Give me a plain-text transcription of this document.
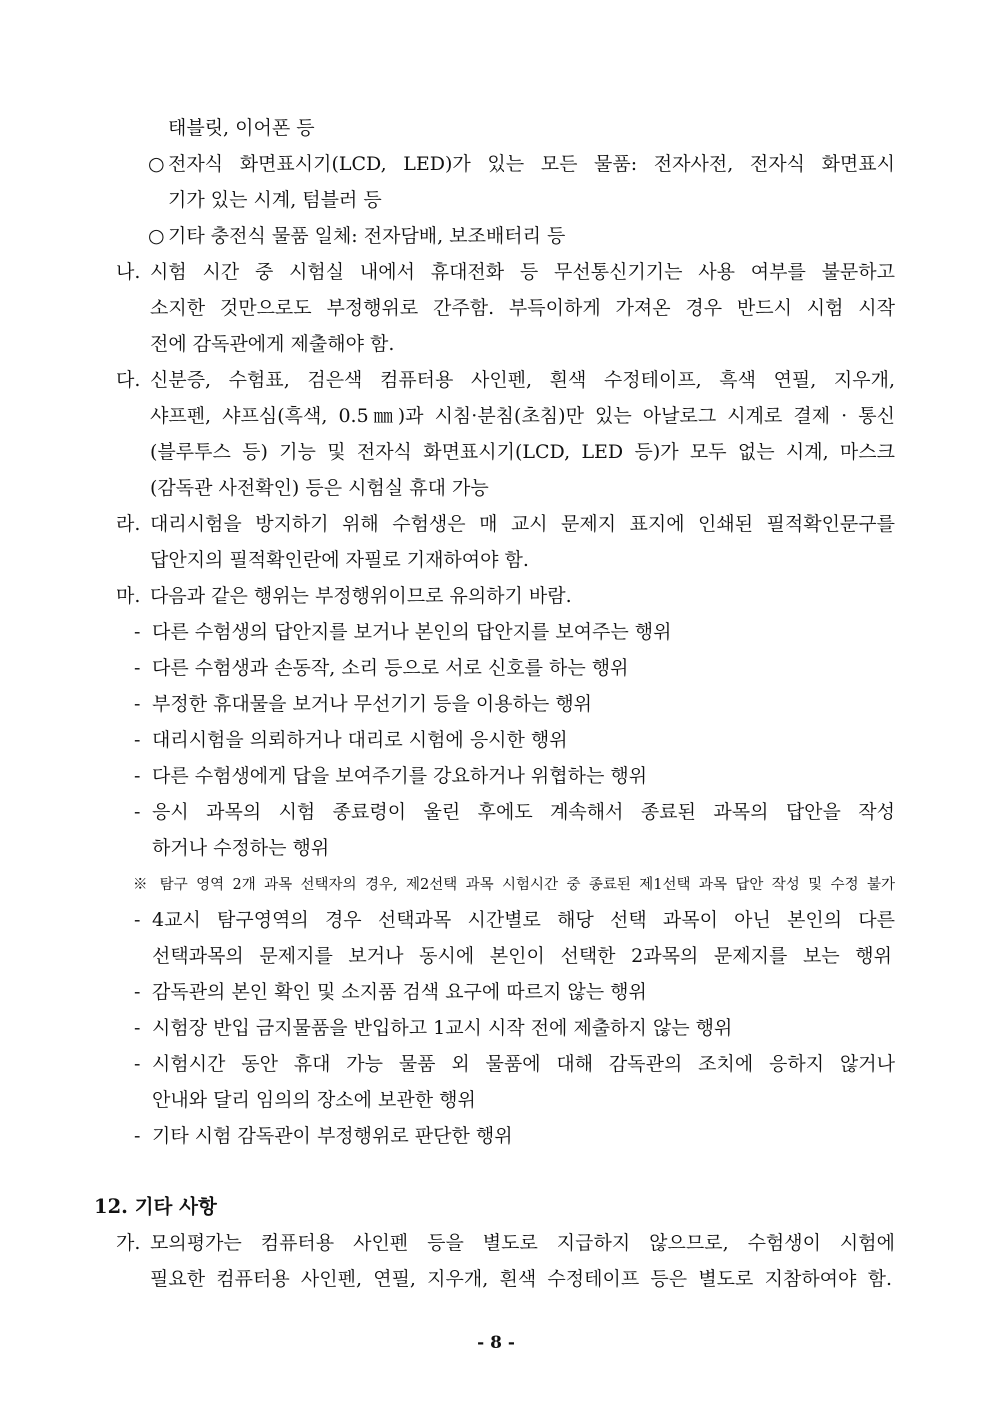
태블릿, 이어폰 등
○ 전자식 화면표시기(LCD, LED)가 있는 모든 물품: 전자사전, 전자식 화면표시
기가 있는 시계, 텀블러 등
○ 기타 충전식 물품 일체: 전자담배, 보조배터리 등
나. 시험 시간 중 시험실 내에서 휴대전화 등 무선통신기기는 사용 여부를 불문하고
소지한 것만으로도 부정행위로 간주함. 부득이하게 가져온 경우 반드시 시험 시작
전에 감독관에게 제출해야 함.
다. 신분증, 수험표, 검은색 컴퓨터용 사인펜, 흰색 수정테이프, 흑색 연필, 지우개,
샤프펜, 샤프심(흑색, 0.5㎜)과 시침·분침(초침)만 있는 아날로그 시계로 결제 · 통신
(블루투스 등) 기능 및 전자식 화면표시기(LCD, LED 등)가 모두 없는 시계, 마스크
(감독관 사전확인) 등은 시험실 휴대 가능
라. 대리시험을 방지하기 위해 수험생은 매 교시 문제지 표지에 인쇄된 필적확인문구를
답안지의 필적확인란에 자필로 기재하여야 함.
마. 다음과 같은 행위는 부정행위이므로 유의하기 바람.
- 다른 수험생의 답안지를 보거나 본인의 답안지를 보여주는 행위
- 다른 수험생과 손동작, 소리 등으로 서로 신호를 하는 행위
- 부정한 휴대물을 보거나 무선기기 등을 이용하는 행위
- 대리시험을 의뢰하거나 대리로 시험에 응시한 행위
- 다른 수험생에게 답을 보여주기를 강요하거나 위협하는 행위
- 응시 과목의 시험 종료령이 울린 후에도 계속해서 종료된 과목의 답안을 작성
하거나 수정하는 행위
※ 탐구 영역 2개 과목 선택자의 경우, 제2선택 과목 시험시간 중 종료된 제1선택 과목 답안 작성 및 수정 불가
- 4교시 탐구영역의 경우 선택과목 시간별로 해당 선택 과목이 아닌 본인의 다른
선택과목의 문제지를 보거나 동시에 본인이 선택한 2과목의 문제지를 보는 행위
- 감독관의 본인 확인 및 소지품 검색 요구에 따르지 않는 행위
- 시험장 반입 금지물품을 반입하고 1교시 시작 전에 제출하지 않는 행위
- 시험시간 동안 휴대 가능 물품 외 물품에 대해 감독관의 조치에 응하지 않거나
안내와 달리 임의의 장소에 보관한 행위
- 기타 시험 감독관이 부정행위로 판단한 행위
12. 기타 사항
가. 모의평가는 컴퓨터용 사인펜 등을 별도로 지급하지 않으므로, 수험생이 시험에
필요한 컴퓨터용 사인펜, 연필, 지우개, 흰색 수정테이프 등은 별도로 지참하여야 함.
- 8 -
